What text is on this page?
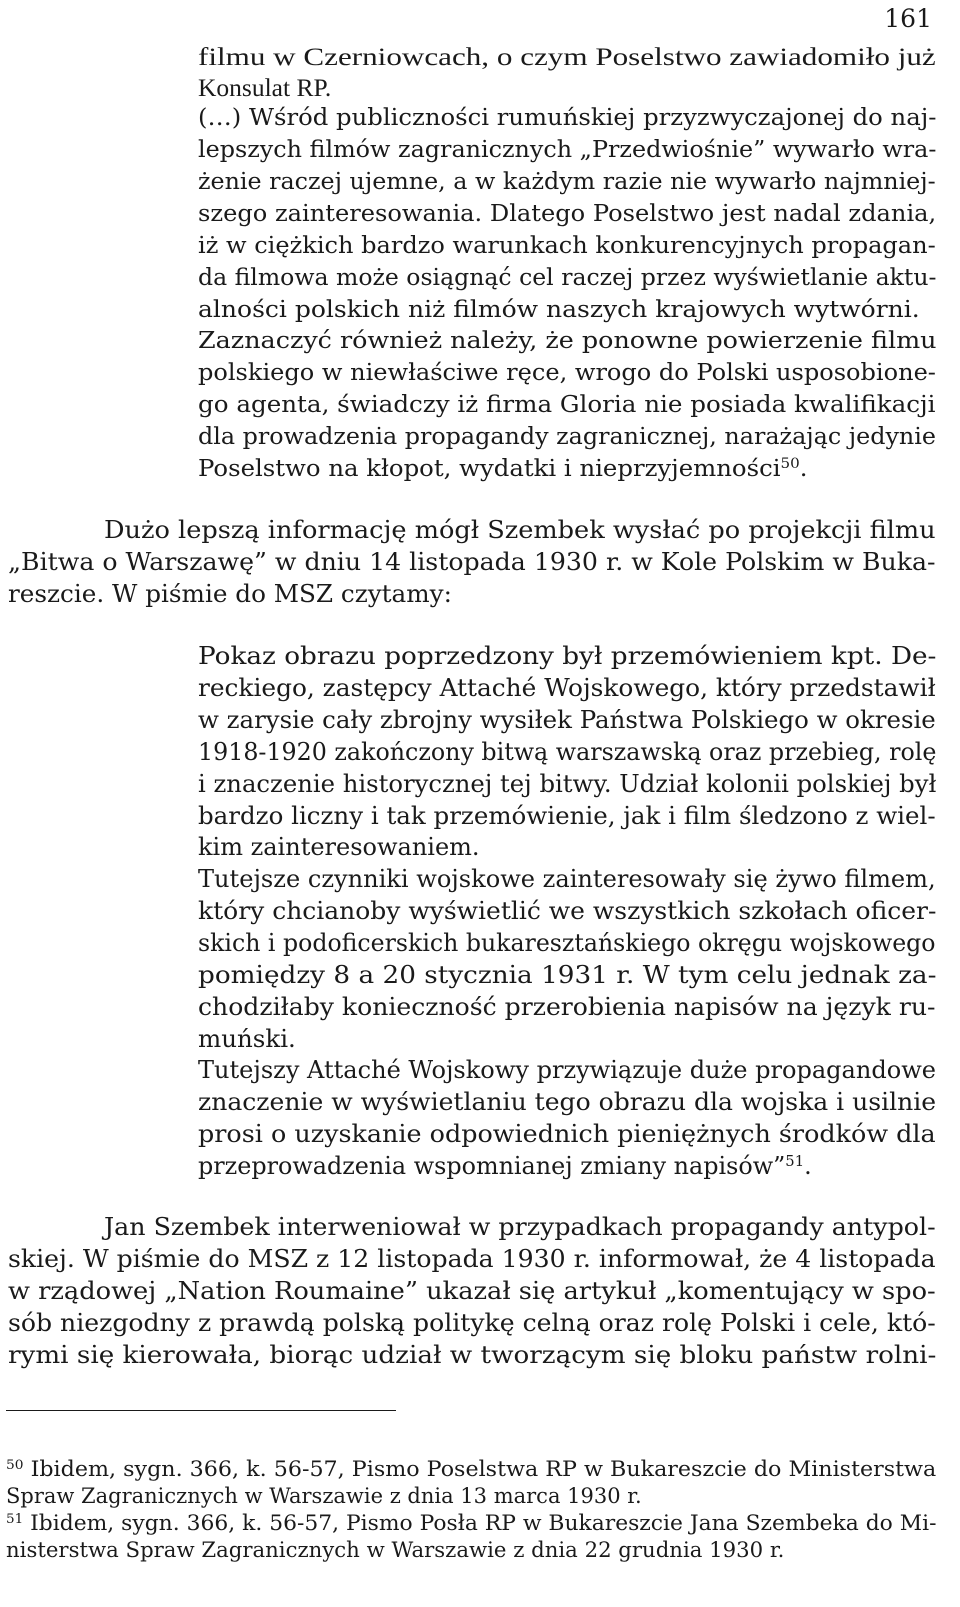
161
filmu w Czerniowcach, o czym Poselstwo zawiadomiło już
Konsulat RP.
(…) Wśród publiczności rumuńskiej przyzwyczajonej do naj-
lepszych filmów zagranicznych „Przedwiośnie” wywarło wra-
żenie raczej ujemne, a w każdym razie nie wywarło najmniej-
szego zainteresowania. Dlatego Poselstwo jest nadal zdania,
iż w ciężkich bardzo warunkach konkurencyjnych propagan-
da filmowa może osiągnąć cel raczej przez wyświetlanie aktu-
alności polskich niż filmów naszych krajowych wytwórni.
Zaznaczyć również należy, że ponowne powierzenie filmu
polskiego w niewłaściwe ręce, wrogo do Polski usposobione-
go agenta, świadczy iż firma Gloria nie posiada kwalifikacji
dla prowadzenia propagandy zagranicznej, narażając jedynie
Poselstwo na kłopot, wydatki i nieprzyjemności$^{50}$.
Dużo lepszą informację mógł Szembek wysłać po projekcji filmu
„Bitwa o Warszawę” w dniu 14 listopada 1930 r. w Kole Polskim w Buka-
reszcie. W piśmie do MSZ czytamy:
Pokaz obrazu poprzedzony był przemówieniem kpt. De-
reckiego, zastępcy Attaché Wojskowego, który przedstawił
w zarysie cały zbrojny wysiłek Państwa Polskiego w okresie
1918-1920 zakończony bitwą warszawską oraz przebieg, rolę
i znaczenie historycznej tej bitwy. Udział kolonii polskiej był
bardzo liczny i tak przemówienie, jak i film śledzono z wiel-
kim zainteresowaniem.
Tutejsze czynniki wojskowe zainteresowały się żywo filmem,
który chcianoby wyświetlić we wszystkich szkołach oficer-
skich i podoficerskich bukaresztańskiego okręgu wojskowego
pomiędzy 8 a 20 stycznia 1931 r. W tym celu jednak za-
chodziłaby konieczność przerobienia napisów na język ru-
muński.
Tutejszy Attaché Wojskowy przywiązuje duże propagandowe
znaczenie w wyświetlaniu tego obrazu dla wojska i usilnie
prosi o uzyskanie odpowiednich pieniężnych środków dla
przeprowadzenia wspomnianej zmiany napisów”$^{51}$.
Jan Szembek interweniował w przypadkach propagandy antypol-
skiej. W piśmie do MSZ z 12 listopada 1930 r. informował, że 4 listopada
w rządowej „Nation Roumaine” ukazał się artykuł „komentujący w spo-
sób niezgodny z prawdą polską politykę celną oraz rolę Polski i cele, któ-
rymi się kierowała, biorąc udział w tworzącym się bloku państw rolni-
$^{50}$ Ibidem, sygn. 366, k. 56-57, Pismo Poselstwa RP w Bukareszcie do Ministerstwa
Spraw Zagranicznych w Warszawie z dnia 13 marca 1930 r.
$^{51}$ Ibidem, sygn. 366, k. 56-57, Pismo Posła RP w Bukareszcie Jana Szembeka do Mi-
nisterstwa Spraw Zagranicznych w Warszawie z dnia 22 grudnia 1930 r.
